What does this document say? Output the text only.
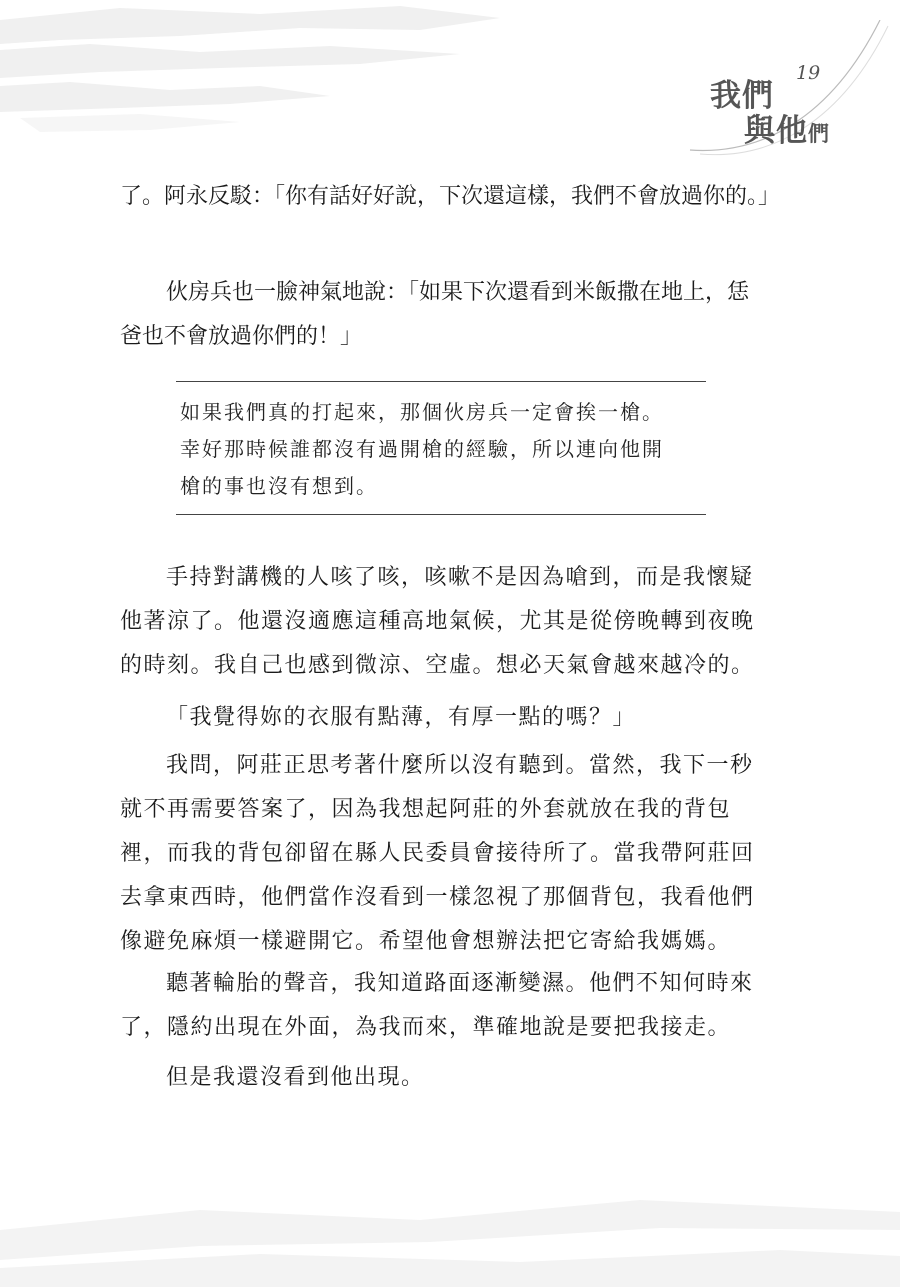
我們
與他們
19

了。阿永反駁：「你有話好好說，下次還這樣，我們不會放過你的。」

伙房兵也一臉神氣地說：「如果下次還看到米飯撒在地上，恁爸也不會放過你們的！」

如果我們真的打起來，那個伙房兵一定會挨一槍。
幸好那時候誰都沒有過開槍的經驗，所以連向他開
槍的事也沒有想到。

手持對講機的人咳了咳，咳嗽不是因為嗆到，而是我懷疑他著涼了。他還沒適應這種高地氣候，尤其是從傍晚轉到夜晚的時刻。我自己也感到微涼、空虛。想必天氣會越來越冷的。

「我覺得妳的衣服有點薄，有厚一點的嗎？」

我問，阿莊正思考著什麼所以沒有聽到。當然，我下一秒就不再需要答案了，因為我想起阿莊的外套就放在我的背包裡，而我的背包卻留在縣人民委員會接待所了。當我帶阿莊回去拿東西時，他們當作沒看到一樣忽視了那個背包，我看他們像避免麻煩一樣避開它。希望他會想辦法把它寄給我媽媽。

聽著輪胎的聲音，我知道路面逐漸變濕。他們不知何時來了，隱約出現在外面，為我而來，準確地說是要把我接走。

但是我還沒看到他出現。
